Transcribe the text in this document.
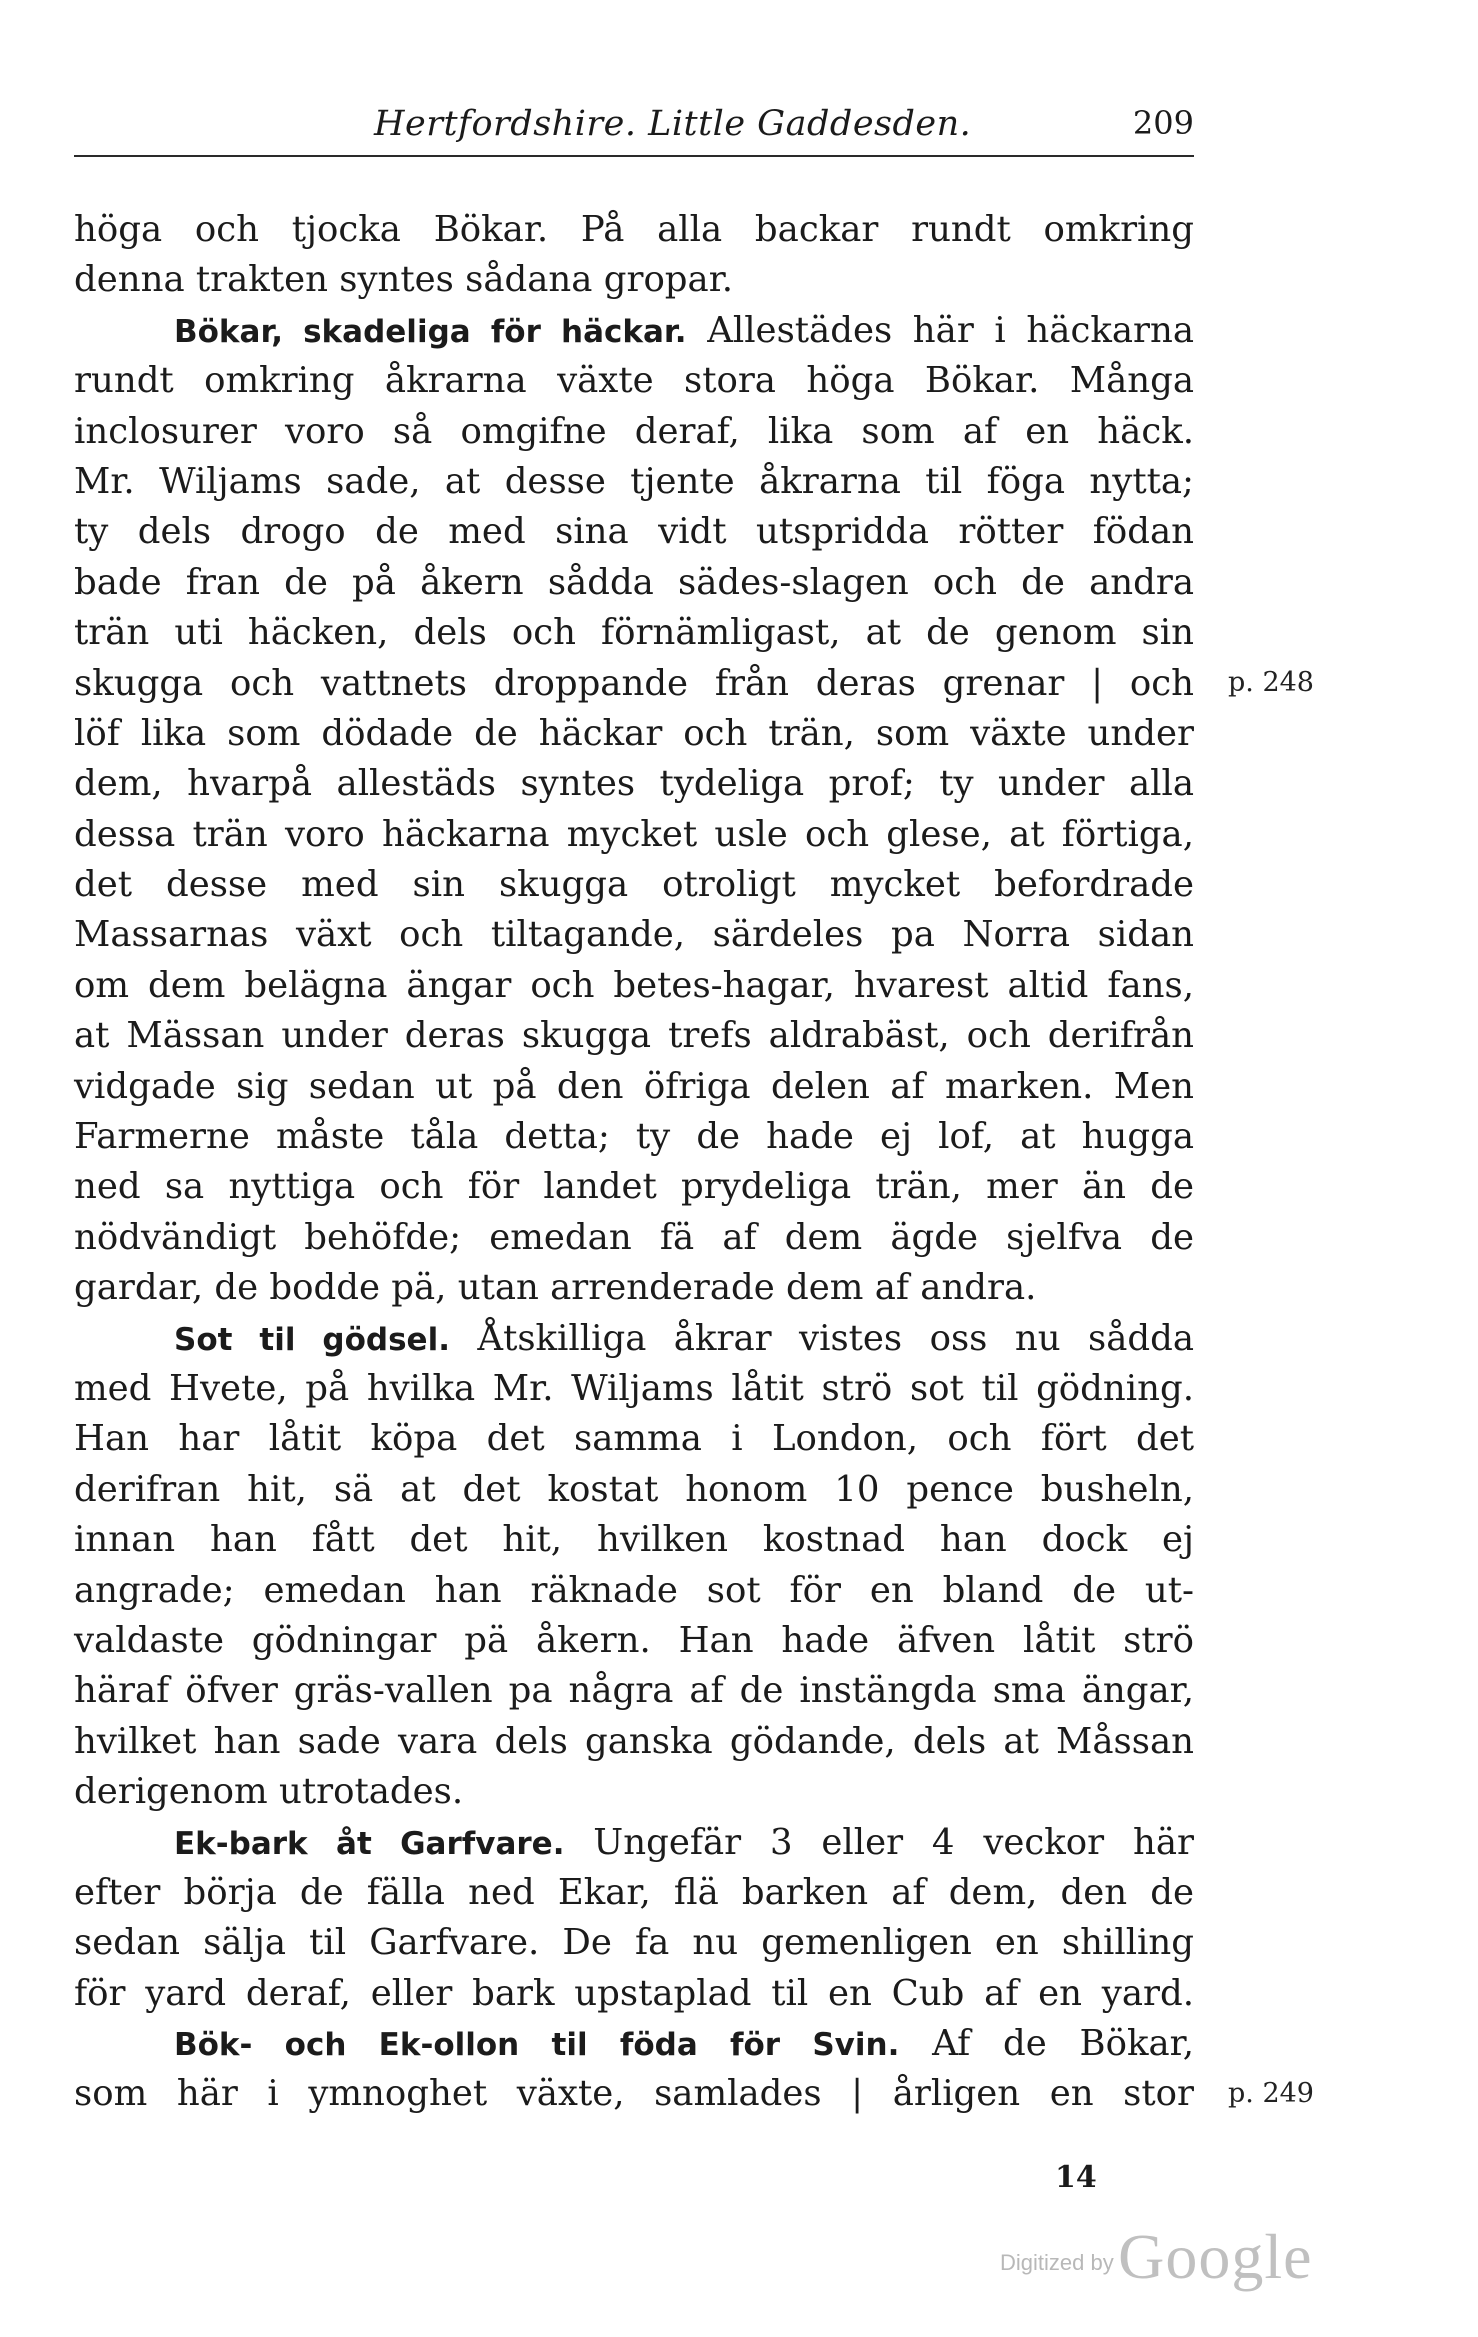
Hertfordshire. Little Gaddesden.	209
höga och tjocka Bökar. På alla backar rundt omkring
denna trakten syntes sådana gropar.
Bökar, skadeliga för häckar. Allestädes här i häckarna
rundt omkring åkrarna växte stora höga Bökar. Många
inclosurer voro så omgifne deraf, lika som af en häck.
Mr. Wiljams sade, at desse tjente åkrarna til föga nytta;
ty dels drogo de med sina vidt utspridda rötter födan
bade fran de på åkern sådda sädes-slagen och de andra
trän uti häcken, dels och förnämligast, at de genom sin
skugga och vattnets droppande från deras grenar | och
löf lika som dödade de häckar och trän, som växte under
dem, hvarpå allestäds syntes tydeliga prof; ty under alla
dessa trän voro häckarna mycket usle och glese, at förtiga,
det desse med sin skugga otroligt mycket befordrade
Massarnas växt och tiltagande, särdeles pa Norra sidan
om dem belägna ängar och betes-hagar, hvarest altid fans,
at Mässan under deras skugga trefs aldrabäst, och derifrån
vidgade sig sedan ut på den öfriga delen af marken. Men
Farmerne måste tåla detta; ty de hade ej lof, at hugga
ned sa nyttiga och för landet prydeliga trän, mer än de
nödvändigt behöfde; emedan fä af dem ägde sjelfva de
gardar, de bodde pä, utan arrenderade dem af andra.
Sot til gödsel. Åtskilliga åkrar vistes oss nu sådda
med Hvete, på hvilka Mr. Wiljams låtit strö sot til gödning.
Han har låtit köpa det samma i London, och fört det
derifran hit, sä at det kostat honom 10 pence busheln,
innan han fått det hit, hvilken kostnad han dock ej
angrade; emedan han räknade sot för en bland de ut-
valdaste gödningar pä åkern. Han hade äfven låtit strö
häraf öfver gräs-vallen pa några af de instängda sma ängar,
hvilket han sade vara dels ganska gödande, dels at Måssan
derigenom utrotades.
Ek-bark åt Garfvare. Ungefär 3 eller 4 veckor här
efter börja de fälla ned Ekar, flä barken af dem, den de
sedan sälja til Garfvare. De fa nu gemenligen en shilling
för yard deraf, eller bark upstaplad til en Cub af en yard.
Bök- och Ek-ollon til föda för Svin. Af de Bökar,
som här i ymnoghet växte, samlades | årligen en stor
p. 248
p. 249
14
Digitized by Google
